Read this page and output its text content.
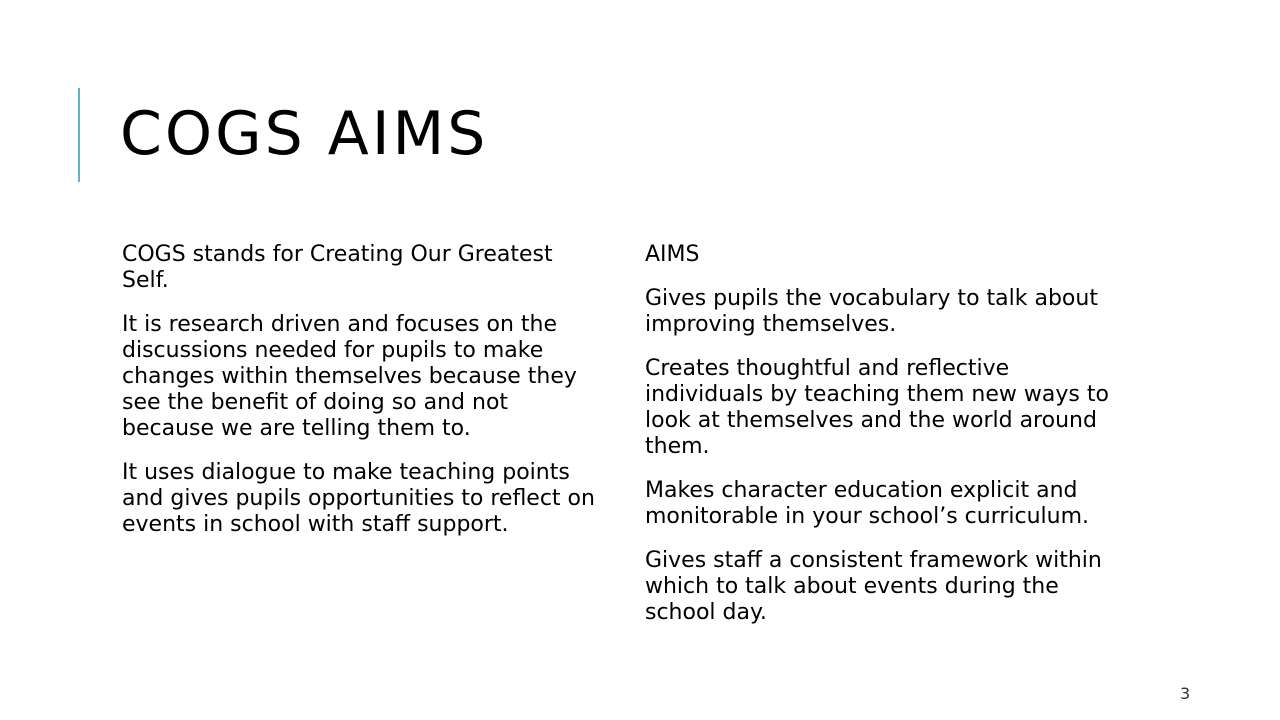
COGS AIMS

COGS stands for Creating Our Greatest Self.

It is research driven and focuses on the discussions needed for pupils to make changes within themselves because they see the benefit of doing so and not because we are telling them to.

It uses dialogue to make teaching points and gives pupils opportunities to reflect on events in school with staff support.

AIMS

Gives pupils the vocabulary to talk about improving themselves.

Creates thoughtful and reflective individuals by teaching them new ways to look at themselves and the world around them.

Makes character education explicit and monitorable in your school’s curriculum.

Gives staff a consistent framework within which to talk about events during the school day.

3
